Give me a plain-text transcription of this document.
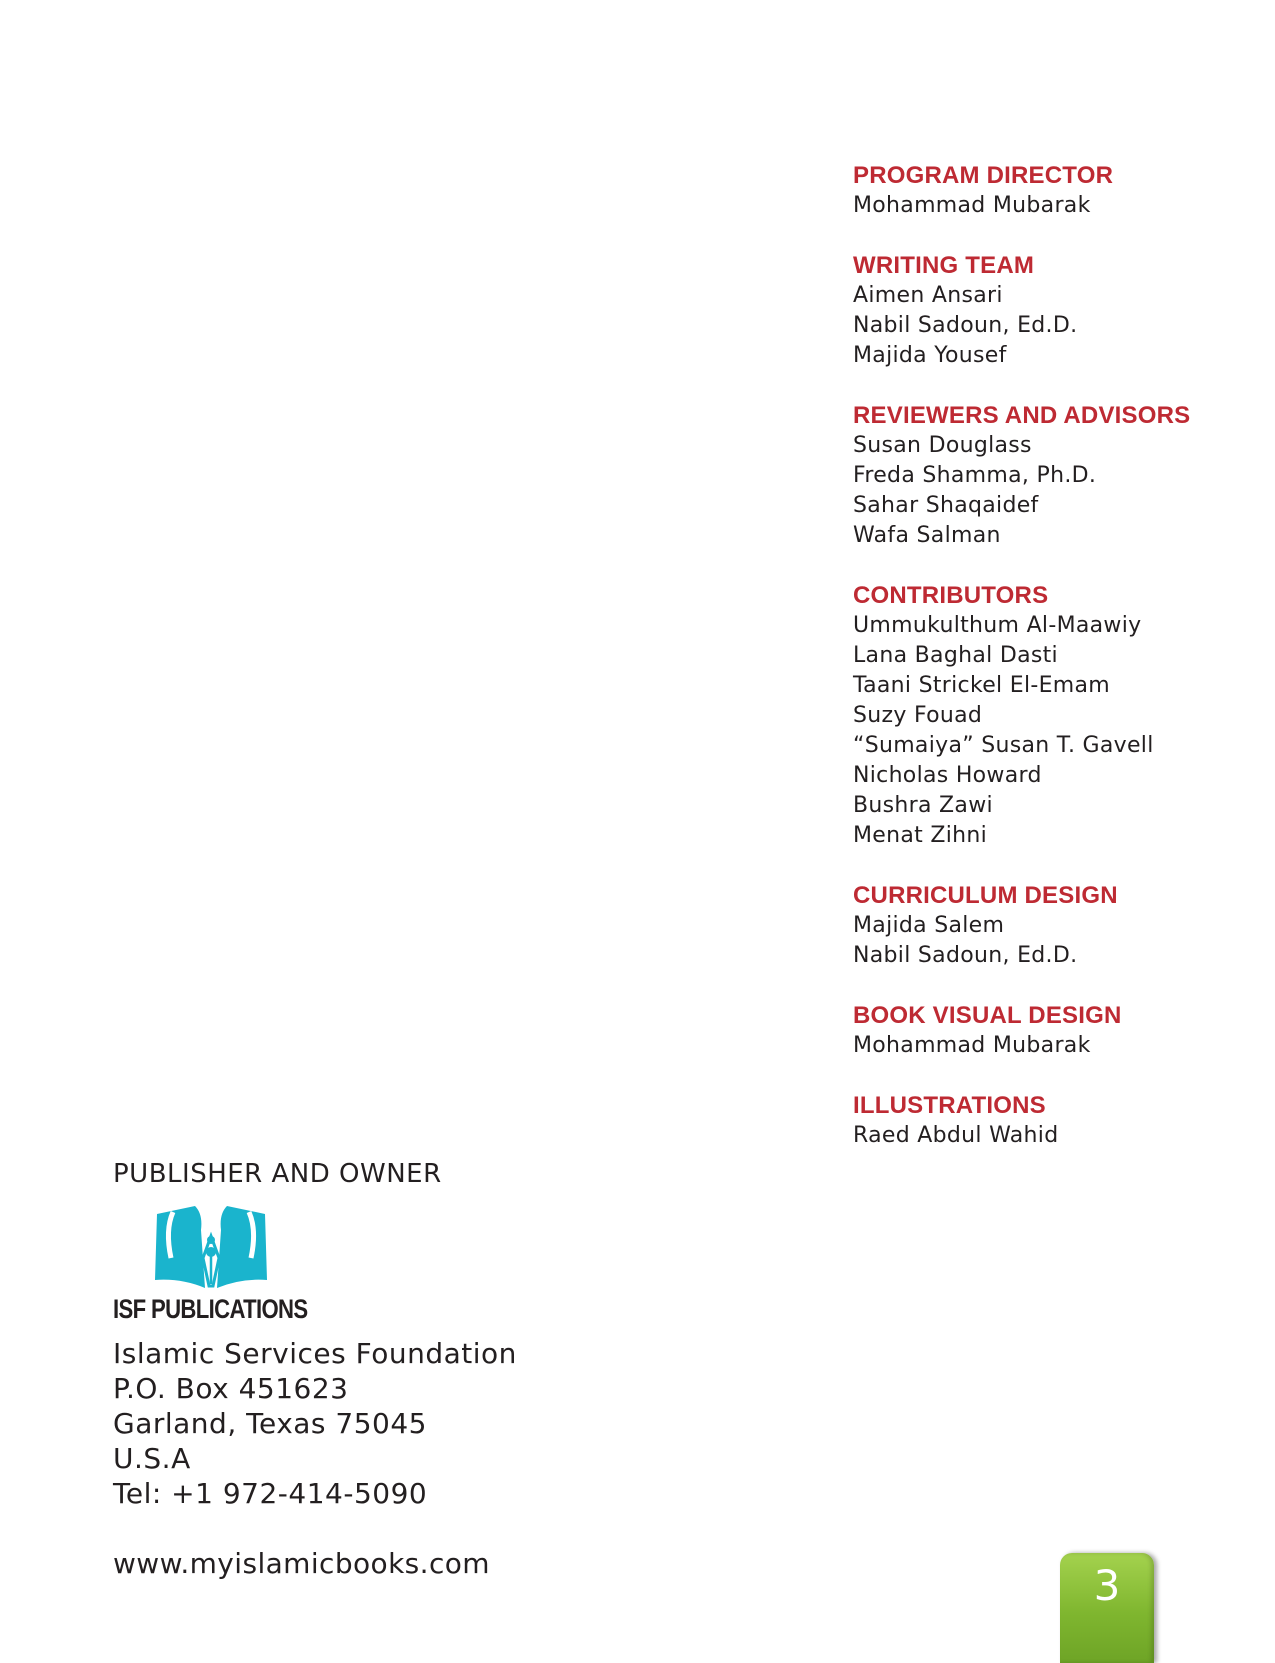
PROGRAM DIRECTOR
Mohammad Mubarak
WRITING TEAM
Aimen Ansari
Nabil Sadoun, Ed.D.
Majida Yousef
REVIEWERS AND ADVISORS
Susan Douglass
Freda Shamma, Ph.D.
Sahar Shaqaidef
Wafa Salman
CONTRIBUTORS
Ummukulthum Al-Maawiy
Lana Baghal Dasti
Taani Strickel El-Emam
Suzy Fouad
“Sumaiya” Susan T. Gavell
Nicholas Howard
Bushra Zawi
Menat Zihni
CURRICULUM DESIGN
Majida Salem
Nabil Sadoun, Ed.D.
BOOK VISUAL DESIGN
Mohammad Mubarak
ILLUSTRATIONS
Raed Abdul Wahid
PUBLISHER AND OWNER
ISF PUBLICATIONS
Islamic Services Foundation
P.O. Box 451623
Garland, Texas 75045
U.S.A
Tel: +1 972-414-5090
www.myislamicbooks.com	3
